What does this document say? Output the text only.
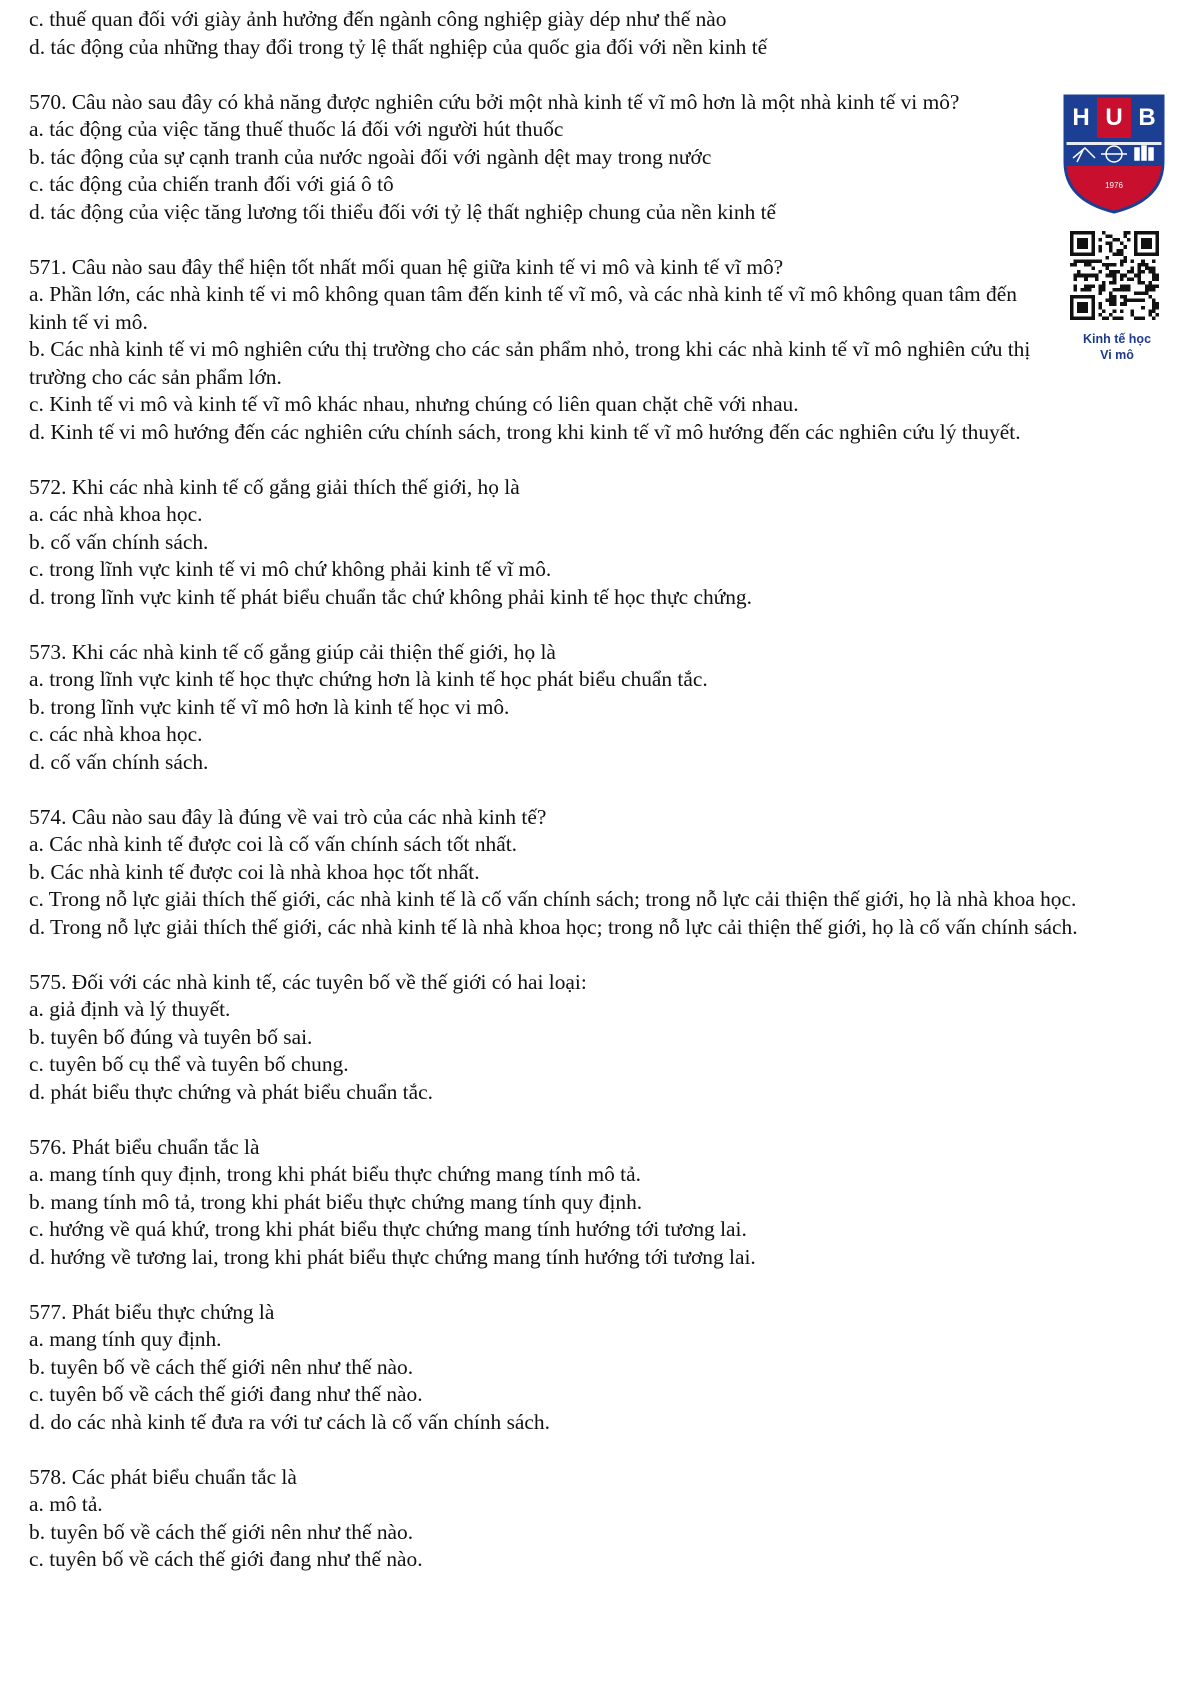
c. thuế quan đối với giày ảnh hưởng đến ngành công nghiệp giày dép như thế nào
d. tác động của những thay đổi trong tỷ lệ thất nghiệp của quốc gia đối với nền kinh tế
570. Câu nào sau đây có khả năng được nghiên cứu bởi một nhà kinh tế vĩ mô hơn là một nhà kinh tế vi mô?
a. tác động của việc tăng thuế thuốc lá đối với người hút thuốc
b. tác động của sự cạnh tranh của nước ngoài đối với ngành dệt may trong nước
c. tác động của chiến tranh đối với giá ô tô
d. tác động của việc tăng lương tối thiểu đối với tỷ lệ thất nghiệp chung của nền kinh tế
571. Câu nào sau đây thể hiện tốt nhất mối quan hệ giữa kinh tế vi mô và kinh tế vĩ mô?
a. Phần lớn, các nhà kinh tế vi mô không quan tâm đến kinh tế vĩ mô, và các nhà kinh tế vĩ mô không quan tâm đến kinh tế vi mô.
b. Các nhà kinh tế vi mô nghiên cứu thị trường cho các sản phẩm nhỏ, trong khi các nhà kinh tế vĩ mô nghiên cứu thị trường cho các sản phẩm lớn.
c. Kinh tế vi mô và kinh tế vĩ mô khác nhau, nhưng chúng có liên quan chặt chẽ với nhau.
d. Kinh tế vi mô hướng đến các nghiên cứu chính sách, trong khi kinh tế vĩ mô hướng đến các nghiên cứu lý thuyết.
572. Khi các nhà kinh tế cố gắng giải thích thế giới, họ là
a. các nhà khoa học.
b. cố vấn chính sách.
c. trong lĩnh vực kinh tế vi mô chứ không phải kinh tế vĩ mô.
d. trong lĩnh vực kinh tế phát biểu chuẩn tắc chứ không phải kinh tế học thực chứng.
573. Khi các nhà kinh tế cố gắng giúp cải thiện thế giới, họ là
a. trong lĩnh vực kinh tế học thực chứng hơn là kinh tế học phát biểu chuẩn tắc.
b. trong lĩnh vực kinh tế vĩ mô hơn là kinh tế học vi mô.
c. các nhà khoa học.
d. cố vấn chính sách.
574. Câu nào sau đây là đúng về vai trò của các nhà kinh tế?
a. Các nhà kinh tế được coi là cố vấn chính sách tốt nhất.
b. Các nhà kinh tế được coi là nhà khoa học tốt nhất.
c. Trong nỗ lực giải thích thế giới, các nhà kinh tế là cố vấn chính sách; trong nỗ lực cải thiện thế giới, họ là nhà khoa học.
d. Trong nỗ lực giải thích thế giới, các nhà kinh tế là nhà khoa học; trong nỗ lực cải thiện thế giới, họ là cố vấn chính sách.
575. Đối với các nhà kinh tế, các tuyên bố về thế giới có hai loại:
a. giả định và lý thuyết.
b. tuyên bố đúng và tuyên bố sai.
c. tuyên bố cụ thể và tuyên bố chung.
d. phát biểu thực chứng và phát biểu chuẩn tắc.
576. Phát biểu chuẩn tắc là
a. mang tính quy định, trong khi phát biểu thực chứng mang tính mô tả.
b. mang tính mô tả, trong khi phát biểu thực chứng mang tính quy định.
c. hướng về quá khứ, trong khi phát biểu thực chứng mang tính hướng tới tương lai.
d. hướng về tương lai, trong khi phát biểu thực chứng mang tính hướng tới tương lai.
577. Phát biểu thực chứng là
a. mang tính quy định.
b. tuyên bố về cách thế giới nên như thế nào.
c. tuyên bố về cách thế giới đang như thế nào.
d. do các nhà kinh tế đưa ra với tư cách là cố vấn chính sách.
578. Các phát biểu chuẩn tắc là
a. mô tả.
b. tuyên bố về cách thế giới nên như thế nào.
c. tuyên bố về cách thế giới đang như thế nào.
H U B
1976
Kinh tế học
Vi mô
